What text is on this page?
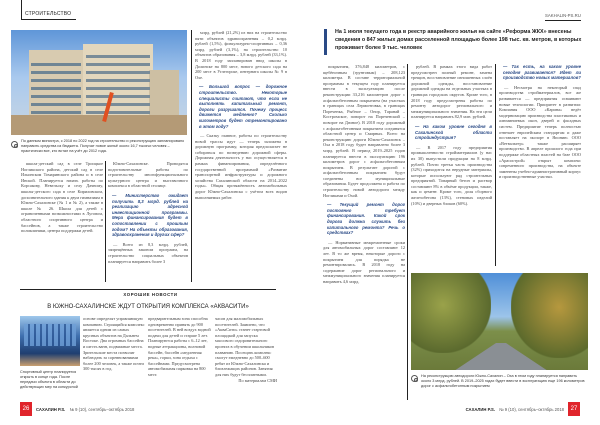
СТРОИТЕЛЬСТВО
По данным министра, с 2018 по 2022 год на строительство и реконструкцию запланировано направить средства из бюджета. Получат новое жильё около 16,7 тысячи человек – практически все, кто встал на учёт до 2012 года.

млрд. рублей (21,2%) из них на строительство пяти объектов здравоохранения – 0,2 млрд. рублей (1,5%), физкультурно-спортивных – 0,36 млрд. рублей (3,1%), на строительство 10 объектов образования – 3,8 млрд. рублей (33,1%). В 2018 году запланирован ввод школы в Долинске на 800 мест, нового детского сада на 200 мест в Углегорске, интерната школы № 9 в Охе.

— Большой вопрос — дорожное строительство. Некоторые специалисты считают, что если не выполнять капитальный ремонт, дороги разрушатся. Почему процесс движется медленно? Сколько километров будет отремонтировано в этом году?

— Сказку главное, работы по строительству новой трассы идут — теперь заложена в дорожную программу, которая предполагает не собираться по возведению дорожной сферы. Дорожная деятельность у нас осуществляется в рамках финансирования, определённого государственной программой «Развитие транспортной инфраструктуры и дорожного хозяйства Сахалинской области на 2014–2022 годы». Общая протяжённость автомобильных дорог Южно-Сахалинска с учётом всех видов выполняемых работ.

школа-детский сад в селе Троицкое Ногликского района, детский сад в селе Ильинском Томаринского района и в селе Инской. Планируется начать работы по Корсакову, Невельску и селу Дачному, школы-детского сада в селе Кириловском, дополнительного здания к двум гимназиям в Южно-Сахалинске (№ 1 и № 2), а также в школе № 26. Школа для детей с ограниченными возможностями в Луговом, областного спортивного центра и бассейнов, а также строительство поликлиники, центра поддержки детей.

Южно-Сахалинске. Проводятся подготовительные работы по строительству многофункционального культурного центра и выставочного комплекса в областной столице.

— Министерство ожидает получить 8,3 млрд. рублей на реализацию адресной инвестиционной программы. Мера финансирования будет в сопоставлении с прошлым годом? На объекты образования, здравоохранения и других сфер?

— Всего из 8,3 млрд. рублей, запрещённых законом программ, на строительство социальных объектов планируется направить более 3

ХОРОШИЕ НОВОСТИ
В ЮЖНО-САХАЛИНСКЕ ЖДУТ ОТКРЫТИЯ КОМПЛЕКСА «АКВАСИТИ»
Спортивный центр планируется открыть в конце года. После передачи объекта в области до действующих мер на конкурсной
основе определят управляющую компанию. Строящийся комплекс является одним из самых крупных объектов на Дальнем Востоке. Два огромных бассейна и шесть ванн, подвижные места. Зрительские места позволят наблюдать за соревнованиями более 200 человек, а также почти 300 тысяч в год.
предварительным зона способна одновременно принять до 900 посетителей. В ней воздух водной подачи для детей и старше 5 лет. Планируются работы с 6–12 лет, водные аттракционы, волновой бассейн, бассейн «медленная река», горки, зона отдыха с бассейнами. Предусмотрена автомобильная парковка на 800 мест.
часов для маломобильных посетителей. Заявлено, что «АкваСити» станет стартовой площадкой для запуска массового оздоровительного проекта в обучении школьников плаванию. Посещать комплекс смогут ежедневно до 500–600 ребят из Южно-Сахалинска и близлежащих районов. Занятия для них будут бесплатными.
По материалам СМИ
26	САХАЛИН P.S. № 9 (10), сентябрь–октябрь 2018
SAKHALIN-PS.RU
На 1 июля текущего года в реестр аварийного жилья на сайте «Реформа ЖКХ» внесены сведения о 847 жилых домах расселенной площадью более 198 тыс. кв. метров, в которых проживает более 9 тыс. человек

покрытием, 376,848 километров, с щебёночным (грунтовым) – 208,123 километра. В составе территориальной программы в текущем году планируется ввести в эксплуатацию после реконструкции 33,216 километров дорог с асфальтобетонным покрытием (на участках в границах села Лермонтовка, в границах Пореченка, Рыбное – Онор, Таранай – Костромское, поворот на Пореченский – поворот на Дачное). В 2018 году дорожный с асфальтобетонным покрытием соединятся областной центр и Смирных. Всего на реконструкцию дороги Южно-Сахалинск – Оха в 2018 году будет направлено более 3 млрд. рублей. В период 2019–2025 годов планируется ввести в эксплуатацию 196 километров дорог с асфальтобетонным покрытием. В результате дорогой с асфальтобетонным покрытием будут соединены все муниципальные образования. Будет продолжена и работа по строительству новой автодороги между Ногликами и Охой.

— Текущий ремонт дорог постоянно требует финансирования. Какой срок дорога должна служить без капитального ремонта? Речь о средствах?

— Нормативные межремонтные сроки для автомобильных дорог составляют 12 лет. В то же время, некоторые дороги с покрытием для порядка не ремонтировались. В 2018 году на содержание дорог регионального и межмуниципального значения планируется направить 4,6 млрд.

рублей. В рамках этого вида работ предусмотрен полный ремонт, замена трещин, восстановление изношенных слоёв дорожной одежды, восстановление дорожной одежды на отдельных участках в границах городских округов. Кроме того, в 2018 году предусмотрены работы по ремонту автодорог регионального и межмуниципального значения. На эти цели планируется направить 82,9 млн. рублей.

— На каком уровне сегодня в Сахалинской области стройиндустрия?

— В 2017 году предприятия промышленности стройматериалов (у нас их 30) выпустили продукции на 8 млрд. рублей. Почти третья часть производства (32%) приходится на нерудные материалы, которые используют ряд строительных предприятий. Товарный бетон и раствор составляют 8% в объёме продукции, также, как и цемент. Кроме того, доля сборного железобетона (13%), стеновых изделий (10%) и дверных блоков (60%).

— Так есть, на каком уровне сегодня развивается? Идет ли производство новых материалов?

— Несмотря на некоторый спад производства стройматериалов, все же развивается — предприятия осваивают новые технологии. Приоритет в развитии: Компания ООО «Карина» ведёт модернизацию производства пластиковых и алюминиевых окон, дверей и фасадных систем. Предприятие теперь полностью отвечает европейским стандартам и даже поставляет на экспорт в Японию. ООО «Ветвальтер» также расширяет производство. В апреле прошлого года при поддержке областных властей на базе ООО «Арасистрой» открыт комплекс современного производства, на объекте заменены учебно-административный корпус и производственные участки.

На реконструкцию автодороги Южно-Сахалин – Оха в этом году планируется направить около 3 млрд. рублей. В 2019–2025 годах будет ввести в эксплуатацию еще 196 километров дорог с асфальтобетонным покрытием
САХАЛИН P.S. № 9 (10), сентябрь–октябрь 2018	27
